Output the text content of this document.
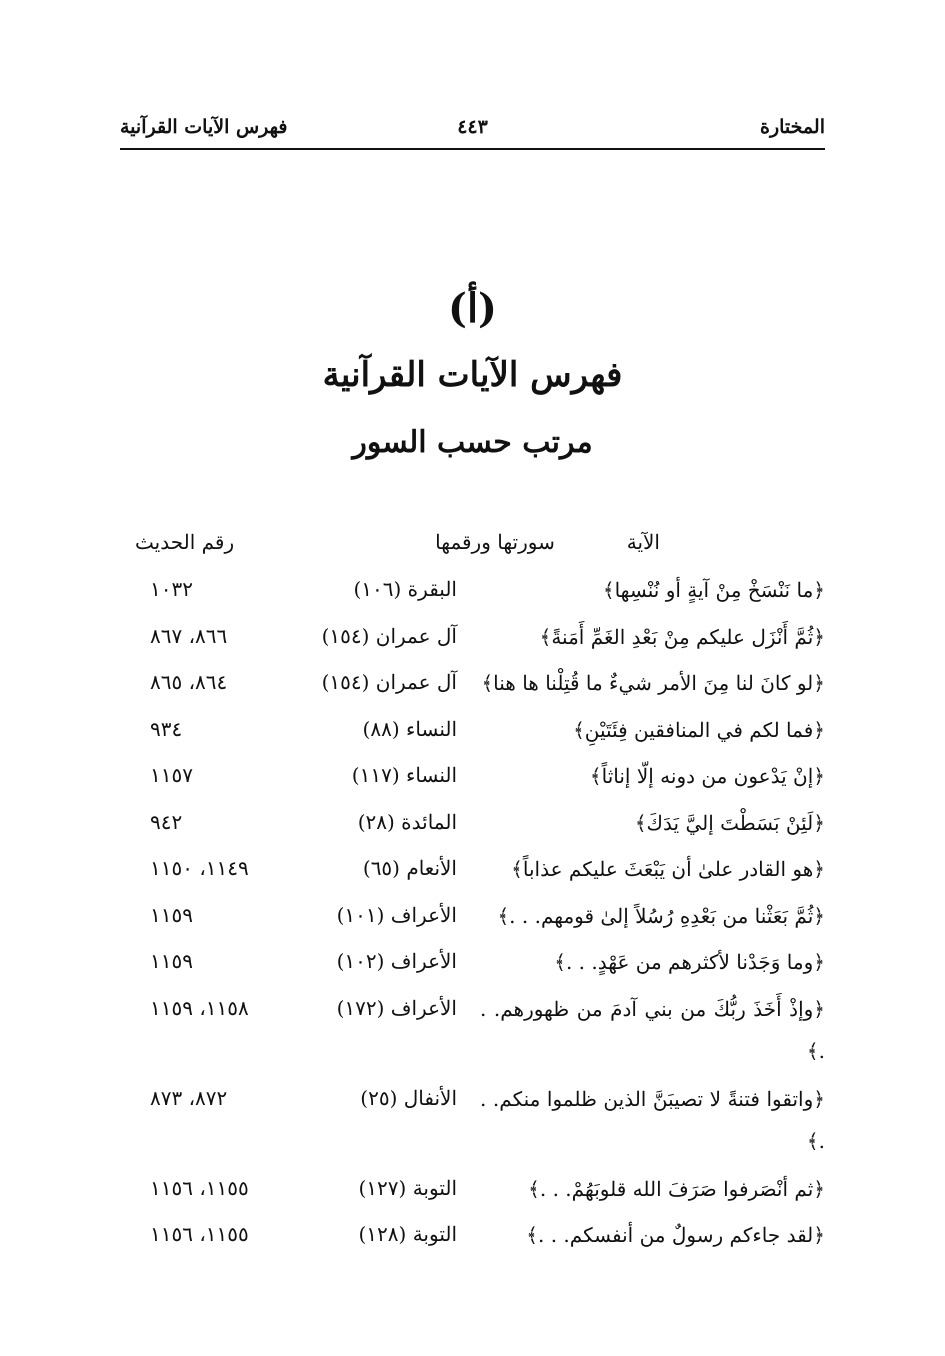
المختارة
٤٤٣
فهرس الآيات القرآنية
(أ)
فهرس الآيات القرآنية
مرتب حسب السور
الآية
سورتها ورقمها
رقم الحديث
﴿ما نَنْسَخْ مِنْ آيةٍ أو نُنْسِها﴾
البقرة (١٠٦)
١٠٣٢
﴿ثُمَّ أَنْزَل عليكم مِنْ بَعْدِ الغَمِّ أَمَنةً﴾
آل عمران (١٥٤)
٨٦٦، ٨٦٧
﴿لو كانَ لنا مِنَ الأمر شيءٌ ما قُتِلْنا ها هنا﴾
آل عمران (١٥٤)
٨٦٤، ٨٦٥
﴿فما لكم في المنافقين فِئَتَيْنِ﴾
النساء (٨٨)
٩٣٤
﴿إنْ يَدْعون من دونه إلّا إناثاً﴾
النساء (١١٧)
١١٥٧
﴿لَئِنْ بَسَطْتَ إليَّ يَدَكَ﴾
المائدة (٢٨)
٩٤٢
﴿هو القادر علىٰ أن يَبْعَثَ عليكم عذاباً﴾
الأنعام (٦٥)
١١٤٩، ١١٥٠
﴿ثُمَّ بَعَثْنا من بَعْدِهِ رُسُلاً إلىٰ قومهم. . .﴾
الأعراف (١٠١)
١١٥٩
﴿وما وَجَدْنا لأكثرهم من عَهْدٍ. . .﴾
الأعراف (١٠٢)
١١٥٩
﴿وإذْ أَخَذَ ربُّكَ من بني آدمَ من ظهورهم. . .﴾
الأعراف (١٧٢)
١١٥٨، ١١٥٩
﴿واتقوا فتنةً لا تصيبَنَّ الذين ظلموا منكم. . .﴾
الأنفال (٢٥)
٨٧٢، ٨٧٣
﴿ثم أنْصَرفوا صَرَفَ الله قلوبَهُمْ. . .﴾
التوبة (١٢٧)
١١٥٥، ١١٥٦
﴿لقد جاءكم رسولٌ من أنفسكم. . .﴾
التوبة (١٢٨)
١١٥٥، ١١٥٦
